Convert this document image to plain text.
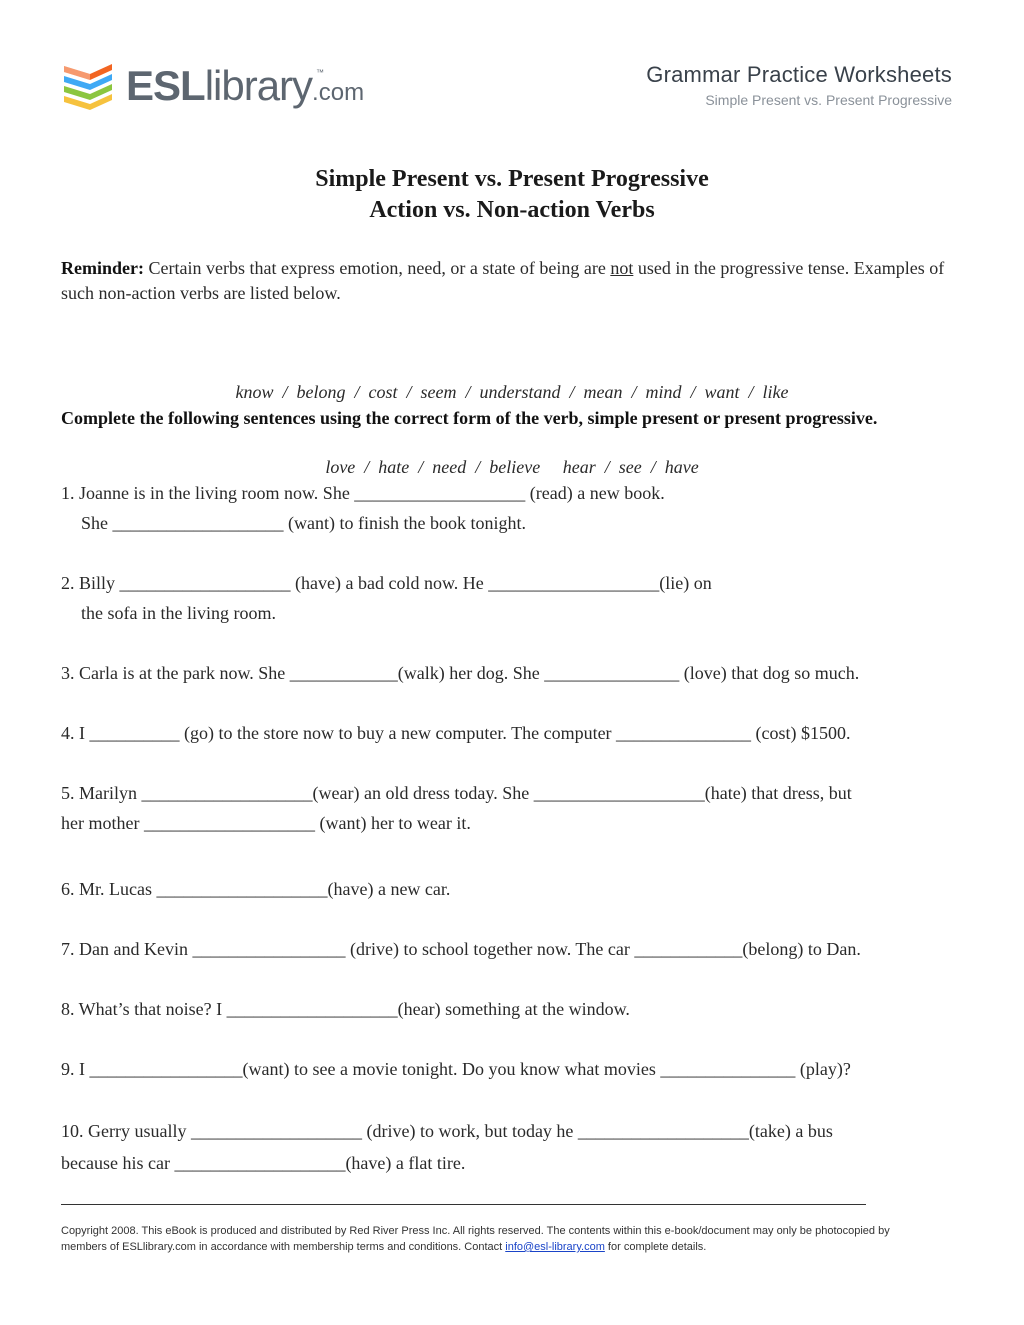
ESLlibrary.com
™	Grammar Practice Worksheets
Simple Present vs. Present Progressive
Simple Present vs. Present Progressive
Action vs. Non-action Verbs
Reminder: Certain verbs that express emotion, need, or a state of being are not used in the progressive tense. Examples of such non-action verbs are listed below.

know  /  belong  /  cost  /  seem  /  understand  /  mean  /  mind  /  want  /  like

love  /  hate  /  need  /  believe     hear  /  see  /  have

Complete the following sentences using the correct form of the verb, simple present or present progressive.
1. Joanne is in the living room now. She ___________________ (read) a new book.
She ___________________ (want) to finish the book tonight.
2. Billy ___________________ (have) a bad cold now. He ___________________(lie) on
the sofa in the living room.
3. Carla is at the park now. She ____________(walk) her dog. She _______________ (love) that dog so much.
4. I __________ (go) to the store now to buy a new computer. The computer _______________ (cost) $1500.
5. Marilyn ___________________(wear) an old dress today. She ___________________(hate) that dress, but
her mother ___________________ (want) her to wear it.
6. Mr. Lucas ___________________(have) a new car.
7. Dan and Kevin _________________ (drive) to school together now. The car ____________(belong) to Dan.
8. What’s that noise? I ___________________(hear) something at the window.
9. I _________________(want) to see a movie tonight. Do you know what movies _______________ (play)?
10. Gerry usually ___________________ (drive) to work, but today he ___________________(take) a bus
because his car ___________________(have) a flat tire.
Copyright 2008. This eBook is produced and distributed by Red River Press Inc. All rights reserved. The contents within this e-book/document may only be photocopied by members of ESLlibrary.com in accordance with membership terms and conditions. Contact info@esl-library.com for complete details.
